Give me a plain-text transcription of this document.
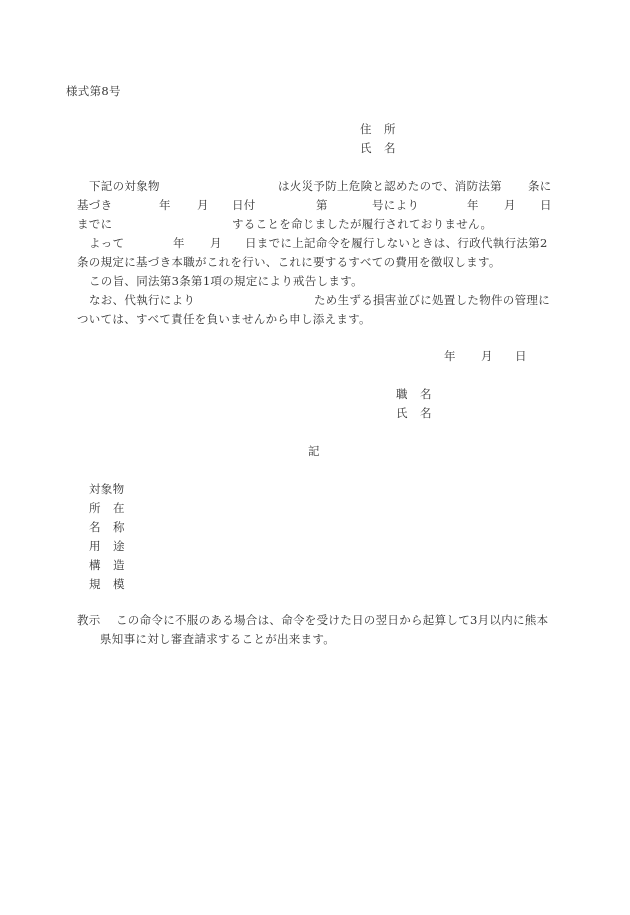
様式第8号
住 所
氏 名
下記の対象物	は火災予防上危険と認めたので、消防法第 条に
基づき	年 月 日付	第	号により	年 月 日
までに	することを命じましたが履行されておりません。
よって	年 月 日までに上記命令を履行しないときは、行政代執行法第2
条の規定に基づき本職がこれを行い、これに要するすべての費用を徴収します。
この旨、同法第3条第1項の規定により戒告します。
なお、代執行により	ため生ずる損害並びに処置した物件の管理に
ついては、すべて責任を負いませんから申し添えます。
年 月 日
職 名
氏 名
記
対象物
所 在
名 称
用 途
構 造
規 模
教示 この命令に不服のある場合は、命令を受けた日の翌日から起算して3月以内に熊本
県知事に対し審査請求することが出来ます。
